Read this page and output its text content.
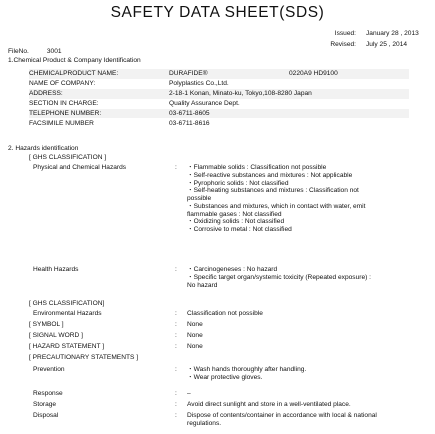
SAFETY DATA SHEET(SDS)
Issued:	January 28 , 2013
Revised:	July 25 , 2014
FileNo.	3001
1.Chemical Product & Company Identification
CHEMICALPRODUCT NAME:	DURAFIDE®	0220A9 HD9100
NAME OF COMPANY:	Polyplastics Co.,Ltd.
ADDRESS:	2-18-1 Konan, Minato-ku, Tokyo,108-8280 Japan
SECTION IN CHARGE:	Quality Assurance Dept.
TELEPHONE NUMBER:	03-6711-8605
FACSIMILE NUMBER	03-6711-8616
2. Hazards identification
[ GHS CLASSIFICATION ]
Physical and Chemical Hazards	:	・Flammable solids : Classification not possible
・Self-reactive substances and mixtures : Not applicable
・Pyrophoric solids : Not classified
・Self-heating substances and mixtures : Classification not
possible
・Substances and mixtures, which in contact with water, emit
flammable gases : Not classified
・Oxidizing solids : Not classified
・Corrosive to metal : Not classified
Health Hazards	:	・Carcinogeneses : No hazard
・Specific target organ/systemic toxicity (Repeated exposure) :
No hazard
[ GHS CLASSIFICATION]
Environmental Hazards	:	Classification not possible
[ SYMBOL ]	:	None
[ SIGNAL WORD ]	:	None
[ HAZARD STATEMENT ]	:	None
[ PRECAUTIONARY STATEMENTS ]
Prevention	:	・Wash hands thoroughly after handling.
・Wear protective gloves.
Response	:	–
Storage	:	Avoid direct sunlight and store in a well-ventilated place.
Disposal	:	Dispose of contents/container in accordance with local & national
regulations.
